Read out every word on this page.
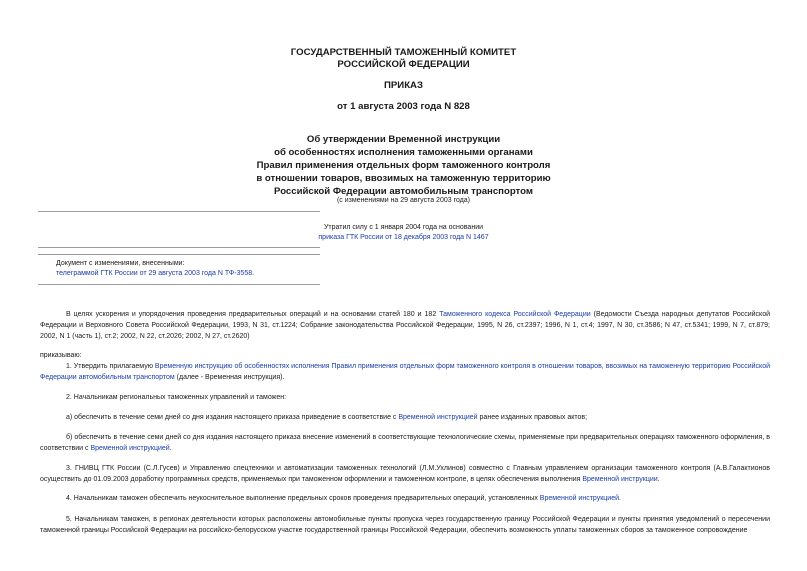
ГОСУДАРСТВЕННЫЙ ТАМОЖЕННЫЙ КОМИТЕТ
РОССИЙСКОЙ ФЕДЕРАЦИИ
ПРИКАЗ
от 1 августа 2003 года N 828
Об утверждении Временной инструкции
об особенностях исполнения таможенными органами
Правил применения отдельных форм таможенного контроля
в отношении товаров, ввозимых на таможенную территорию
Российской Федерации автомобильным транспортом
(с изменениями на 29 августа 2003 года)
Утратил силу с 1 января 2004 года на основании
приказа ГТК России от 18 декабря 2003 года N 1467
Документ с изменениями, внесенными:
телеграммой ГТК России от 29 августа 2003 года N ТФ-3558.
В целях ускорения и упорядочения проведения предварительных операций и на основании статей 180 и 182 Таможенного кодекса Российской Федерации (Ведомости Съезда народных депутатов Российской Федерации и Верховного Совета Российской Федерации, 1993, N 31, ст.1224; Собрание законодательства Российской Федерации, 1995, N 26, ст.2397; 1996, N 1, ст.4; 1997, N 30, ст.3586; N 47, ст.5341; 1999, N 7, ст.879; 2002, N 1 (часть 1), ст.2; 2002, N 22, ст.2026; 2002, N 27, ст.2620)
приказываю:
1. Утвердить прилагаемую Временную инструкцию об особенностях исполнения Правил применения отдельных форм таможенного контроля в отношении товаров, ввозимых на таможенную территорию Российской Федерации автомобильным транспортом (далее - Временная инструкция).
2. Начальникам региональных таможенных управлений и таможен:
а) обеспечить в течение семи дней со дня издания настоящего приказа приведение в соответствие с Временной инструкцией ранее изданных правовых актов;
б) обеспечить в течение семи дней со дня издания настоящего приказа внесение изменений в соответствующие технологические схемы, применяемые при предварительных операциях таможенного оформления, в соответствии с Временной инструкцией.
3. ГНИВЦ ГТК России (С.Л.Гусев) и Управлению спецтехники и автоматизации таможенных технологий (Л.М.Ухлинов) совместно с Главным управлением организации таможенного контроля (А.В.Галактионов осуществить до 01.09.2003 доработку программных средств, применяемых при таможенном оформлении и таможенном контроле, в целях обеспечения выполнения Временной инструкции.
4. Начальникам таможен обеспечить неукоснительное выполнение предельных сроков проведения предварительных операций, установленных Временной инструкцией.
5. Начальникам таможен, в регионах деятельности которых расположены автомобильные пункты пропуска через государственную границу Российской Федерации и пункты принятия уведомлений о пересечении таможенной границы Российской Федерации на российско-белорусском участке государственной границы Российской Федерации, обеспечить возможность уплаты таможенных сборов за таможенное сопровождение
